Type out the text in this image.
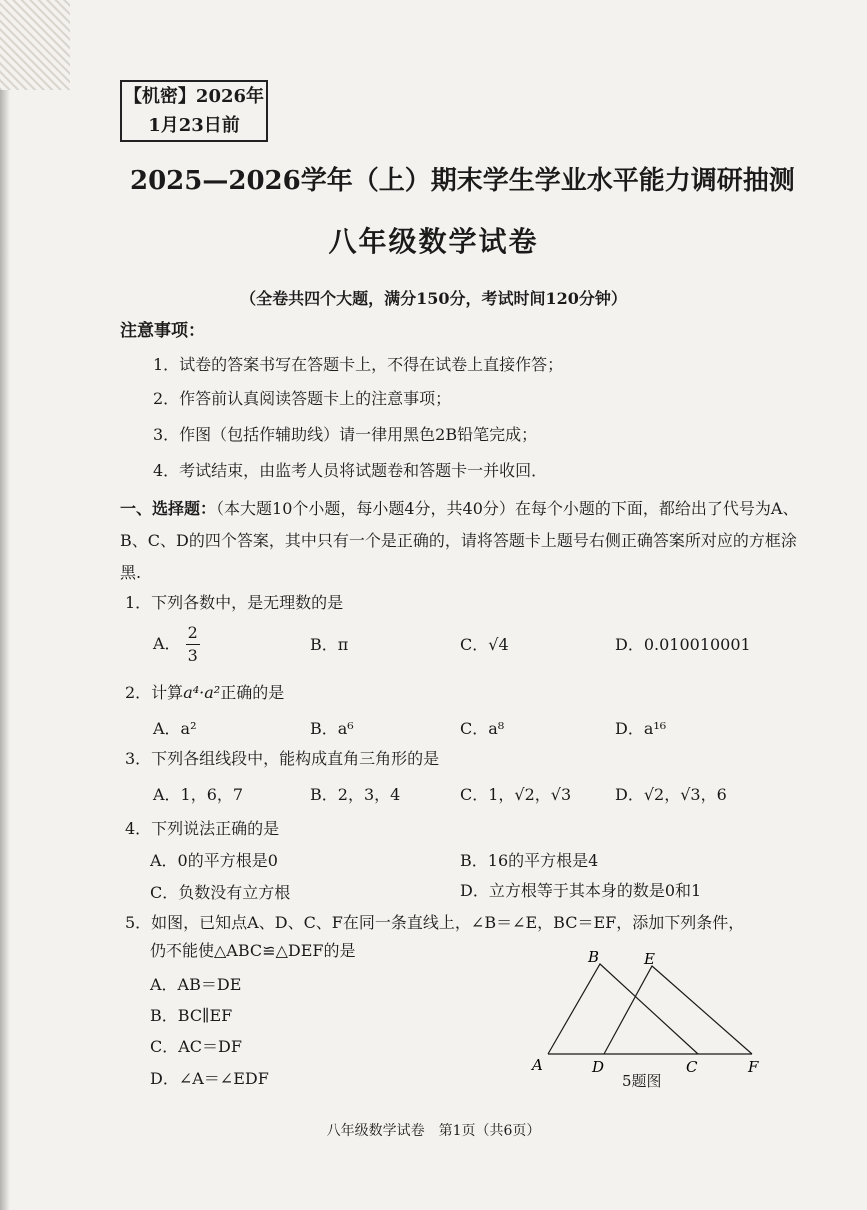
【机密】2026年
1月23日前
2025—2026学年（上）期末学生学业水平能力调研抽测
八年级数学试卷
（全卷共四个大题，满分150分，考试时间120分钟）
注意事项：
1．试卷的答案书写在答题卡上，不得在试卷上直接作答；
2．作答前认真阅读答题卡上的注意事项；
3．作图（包括作辅助线）请一律用黑色2B铅笔完成；
4．考试结束，由监考人员将试题卷和答题卡一并收回．
一、选择题：（本大题10个小题，每小题4分，共40分）在每个小题的下面，都给出了代号为A、B、C、D的四个答案，其中只有一个是正确的，请将答题卡上题号右侧正确答案所对应的方框涂黑.
1．下列各数中，是无理数的是
A． $\frac{2}{3}$	B．π	C．√4	D．0.010010001
2．计算a⁴·a²正确的是
A．a²	B．a⁶	C．a⁸	D．a¹⁶
3．下列各组线段中，能构成直角三角形的是
A．1，6，7	B．2，3，4	C．1，√2，√3	D．√2，√3，6
4．下列说法正确的是
A．0的平方根是0	B．16的平方根是4
C．负数没有立方根	D．立方根等于其本身的数是0和1
5．如图，已知点A、D、C、F在同一条直线上，∠B＝∠E，BC＝EF，添加下列条件，
仍不能使△ABC≌△DEF的是
A．AB＝DE
B．BC∥EF
C．AC＝DF
D．∠A＝∠EDF
B	E
A	D	C	F
5题图
八年级数学试卷　第1页（共6页）
